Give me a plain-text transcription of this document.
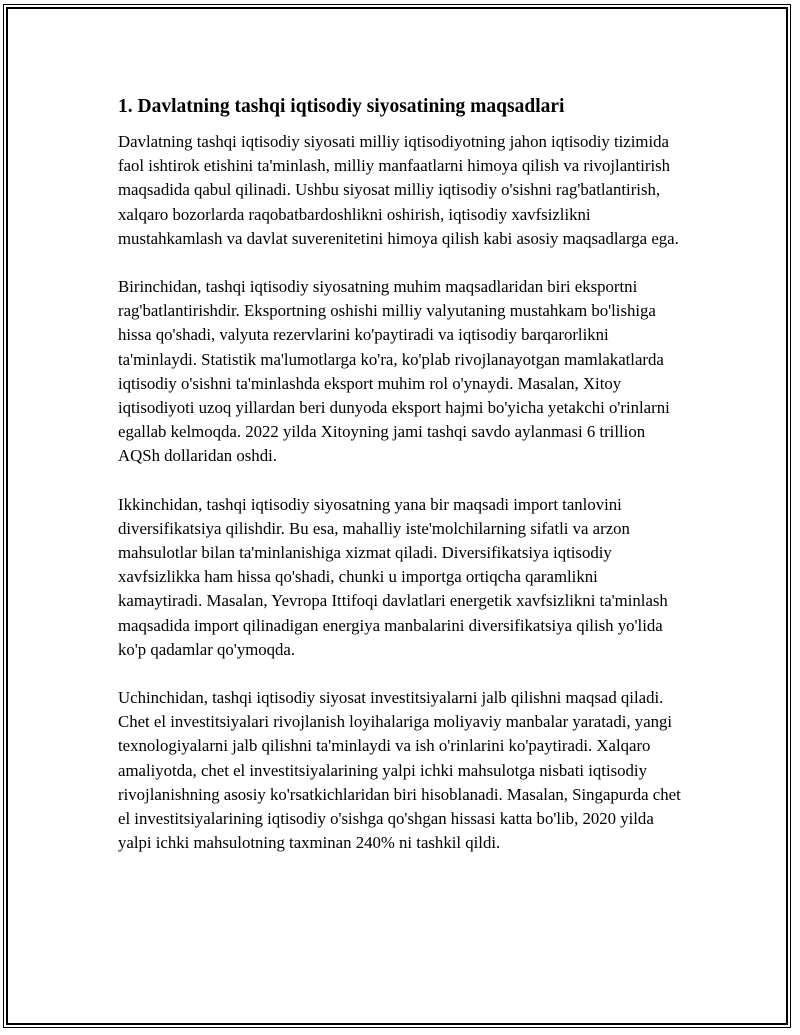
1. Davlatning tashqi iqtisodiy siyosatining maqsadlari

Davlatning tashqi iqtisodiy siyosati milliy iqtisodiyotning jahon iqtisodiy tizimida faol ishtirok etishini ta'minlash, milliy manfaatlarni himoya qilish va rivojlantirish maqsadida qabul qilinadi. Ushbu siyosat milliy iqtisodiy o'sishni rag'batlantirish, xalqaro bozorlarda raqobatbardoshlikni oshirish, iqtisodiy xavfsizlikni mustahkamlash va davlat suverenitetini himoya qilish kabi asosiy maqsadlarga ega.

Birinchidan, tashqi iqtisodiy siyosatning muhim maqsadlaridan biri eksportni rag'batlantirishdir. Eksportning oshishi milliy valyutaning mustahkam bo'lishiga hissa qo'shadi, valyuta rezervlarini ko'paytiradi va iqtisodiy barqarorlikni ta'minlaydi. Statistik ma'lumotlarga ko'ra, ko'plab rivojlanayotgan mamlakatlarda iqtisodiy o'sishni ta'minlashda eksport muhim rol o'ynaydi. Masalan, Xitoy iqtisodiyoti uzoq yillardan beri dunyoda eksport hajmi bo'yicha yetakchi o'rinlarni egallab kelmoqda. 2022 yilda Xitoyning jami tashqi savdo aylanmasi 6 trillion AQSh dollaridan oshdi.

Ikkinchidan, tashqi iqtisodiy siyosatning yana bir maqsadi import tanlovini diversifikatsiya qilishdir. Bu esa, mahalliy iste'molchilarning sifatli va arzon mahsulotlar bilan ta'minlanishiga xizmat qiladi. Diversifikatsiya iqtisodiy xavfsizlikka ham hissa qo'shadi, chunki u importga ortiqcha qaramlikni kamaytiradi. Masalan, Yevropa Ittifoqi davlatlari energetik xavfsizlikni ta'minlash maqsadida import qilinadigan energiya manbalarini diversifikatsiya qilish yo'lida ko'p qadamlar qo'ymoqda.

Uchinchidan, tashqi iqtisodiy siyosat investitsiyalarni jalb qilishni maqsad qiladi. Chet el investitsiyalari rivojlanish loyihalariga moliyaviy manbalar yaratadi, yangi texnologiyalarni jalb qilishni ta'minlaydi va ish o'rinlarini ko'paytiradi. Xalqaro amaliyotda, chet el investitsiyalarining yalpi ichki mahsulotga nisbati iqtisodiy rivojlanishning asosiy ko'rsatkichlaridan biri hisoblanadi. Masalan, Singapurda chet el investitsiyalarining iqtisodiy o'sishga qo'shgan hissasi katta bo'lib, 2020 yilda yalpi ichki mahsulotning taxminan 240% ni tashkil qildi.
